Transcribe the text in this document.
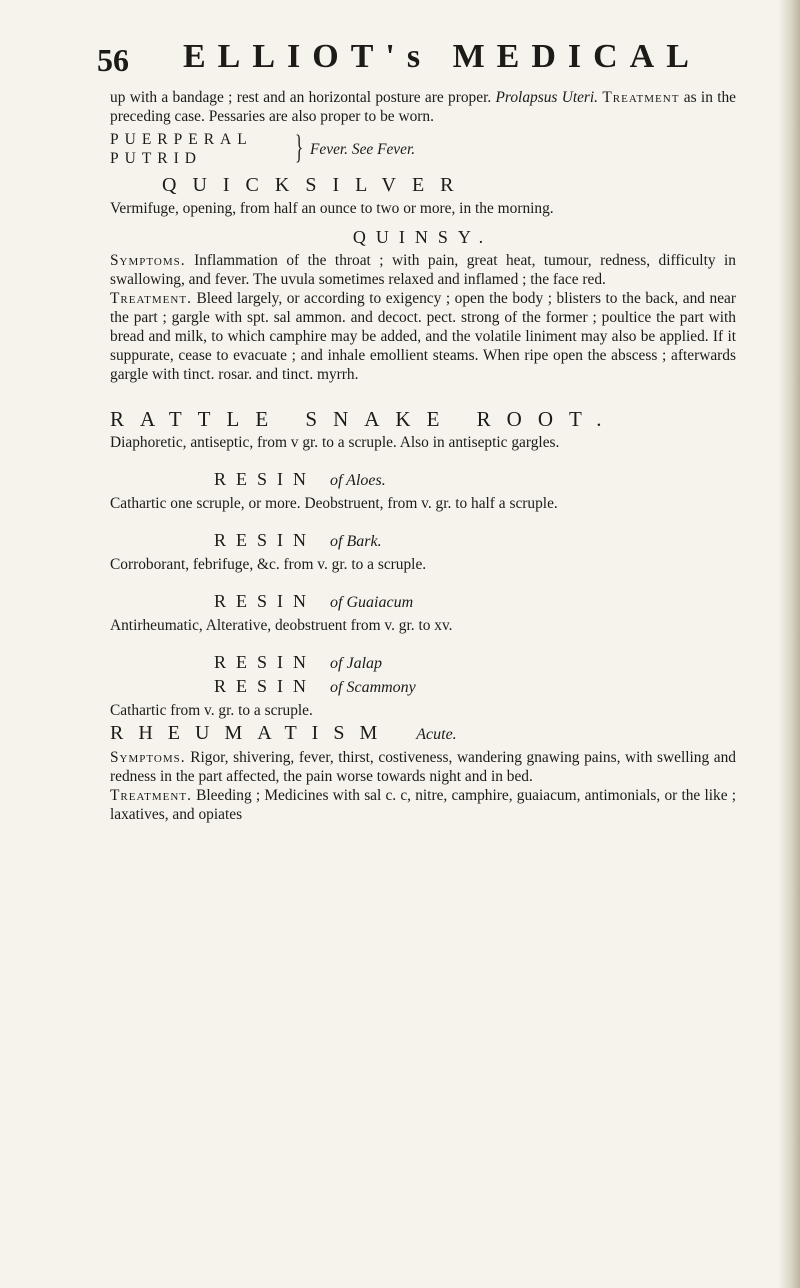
56 ELLIOT's MEDICAL

up with a bandage ; rest and an horizontal posture are proper. Prolapsus Uteri. Treatment as in the preceding case. Pessaries are also proper to be worn.

PUERPERAL
PUTRID	} Fever. See Fever.
QUICKSILVER

Vermifuge, opening, from half an ounce to two or more, in the morning.

QUINSY.

Symptoms. Inflammation of the throat ; with pain, great heat, tumour, redness, difficulty in swallowing, and fever. The uvula sometimes relaxed and inflamed ; the face red.

Treatment. Bleed largely, or according to exigency ; open the body ; blisters to the back, and near the part ; gargle with spt. sal ammon. and decoct. pect. strong of the former ; poultice the part with bread and milk, to which camphire may be added, and the volatile liniment may also be applied. If it suppurate, cease to evacuate ; and inhale emollient steams. When ripe open the abscess ; afterwards gargle with tinct. rosar. and tinct. myrrh.

RATTLE SNAKE ROOT.

Diaphoretic, antiseptic, from v gr. to a scruple. Also in antiseptic gargles.

RESIN of Aloes.

Cathartic one scruple, or more. Deobstruent, from v. gr. to half a scruple.

RESIN of Bark.

Corroborant, febrifuge, &c. from v. gr. to a scruple.

RESIN of Guaiacum

Antirheumatic, Alterative, deobstruent from v. gr. to xv.

RESIN of Jalap
RESIN of Scammony

Cathartic from v. gr. to a scruple.

RHEUMATISM Acute.

Symptoms. Rigor, shivering, fever, thirst, costiveness, wandering gnawing pains, with swelling and redness in the part affected, the pain worse towards night and in bed.

Treatment. Bleeding ; Medicines with sal c. c, nitre, camphire, guaiacum, antimonials, or the like ; laxatives, and opiates
